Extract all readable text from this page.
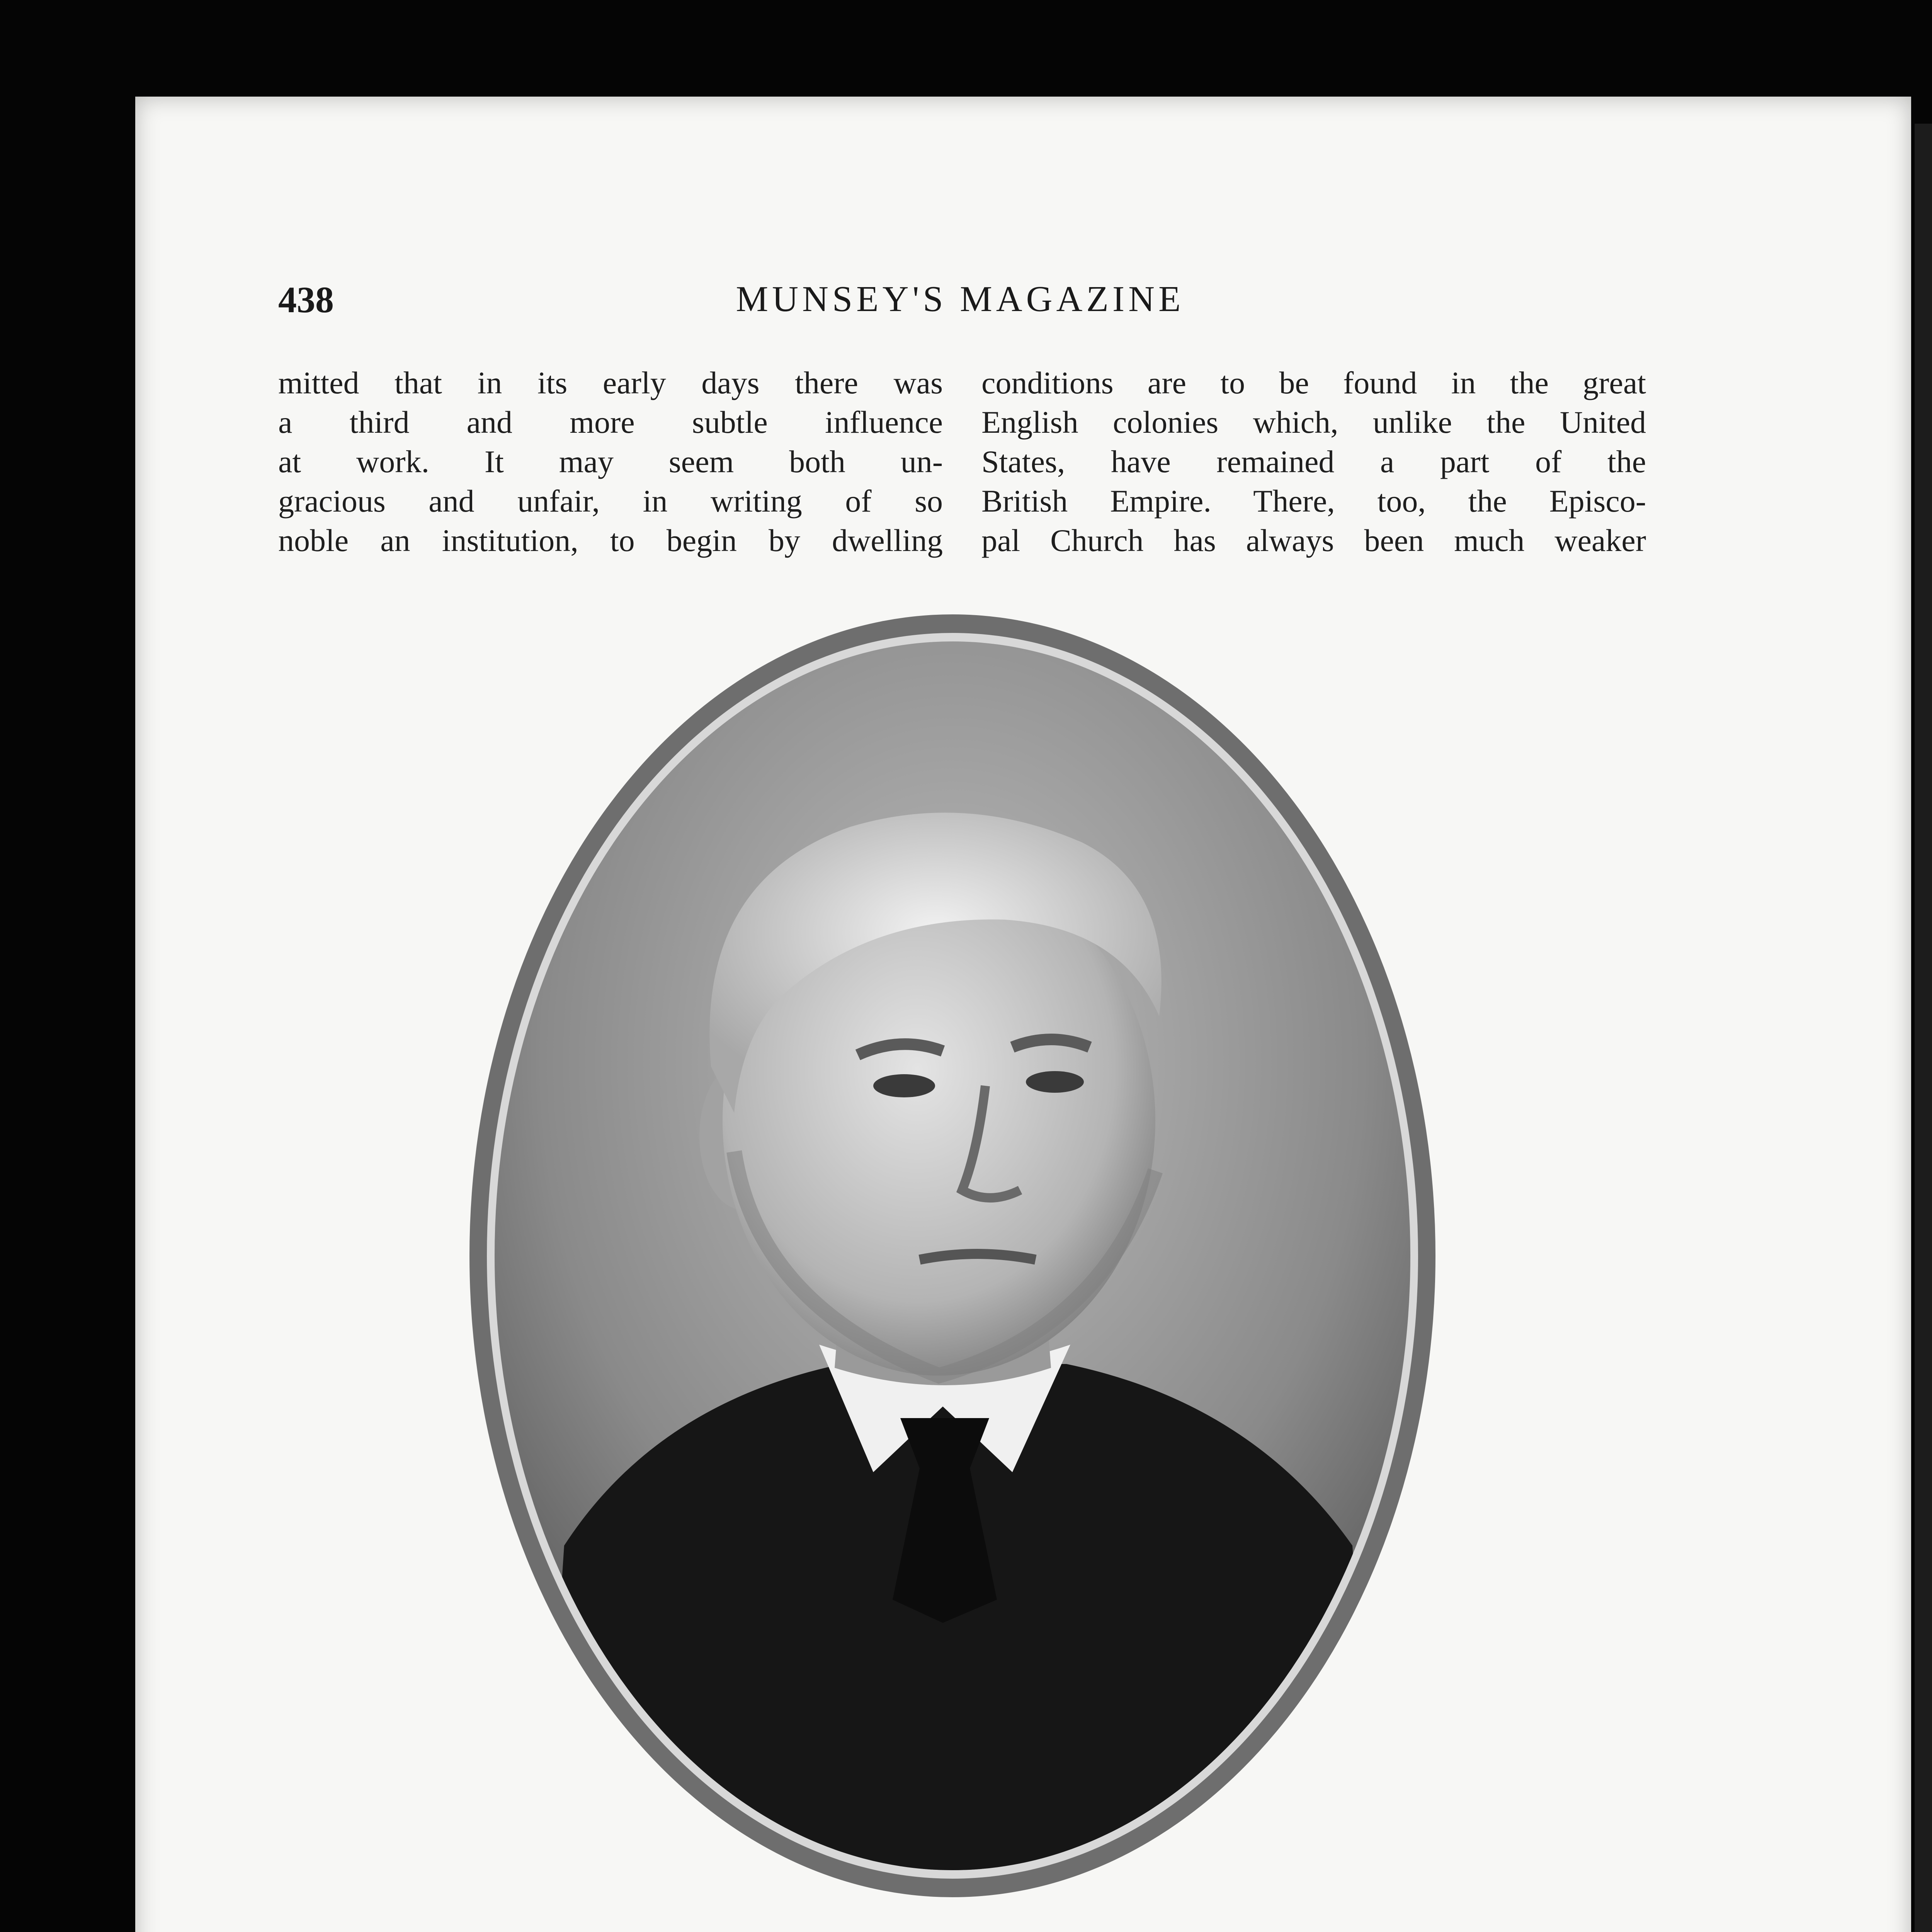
438	MUNSEY'S MAGAZINE
mitted that in its early days there was
a third and more subtle influence
at work. It may seem both un-
gracious and unfair, in writing of so
noble an institution, to begin by dwelling
conditions are to be found in the great
English colonies which, unlike the United
States, have remained a part of the
British Empire. There, too, the Episco-
pal Church has always been much weaker
